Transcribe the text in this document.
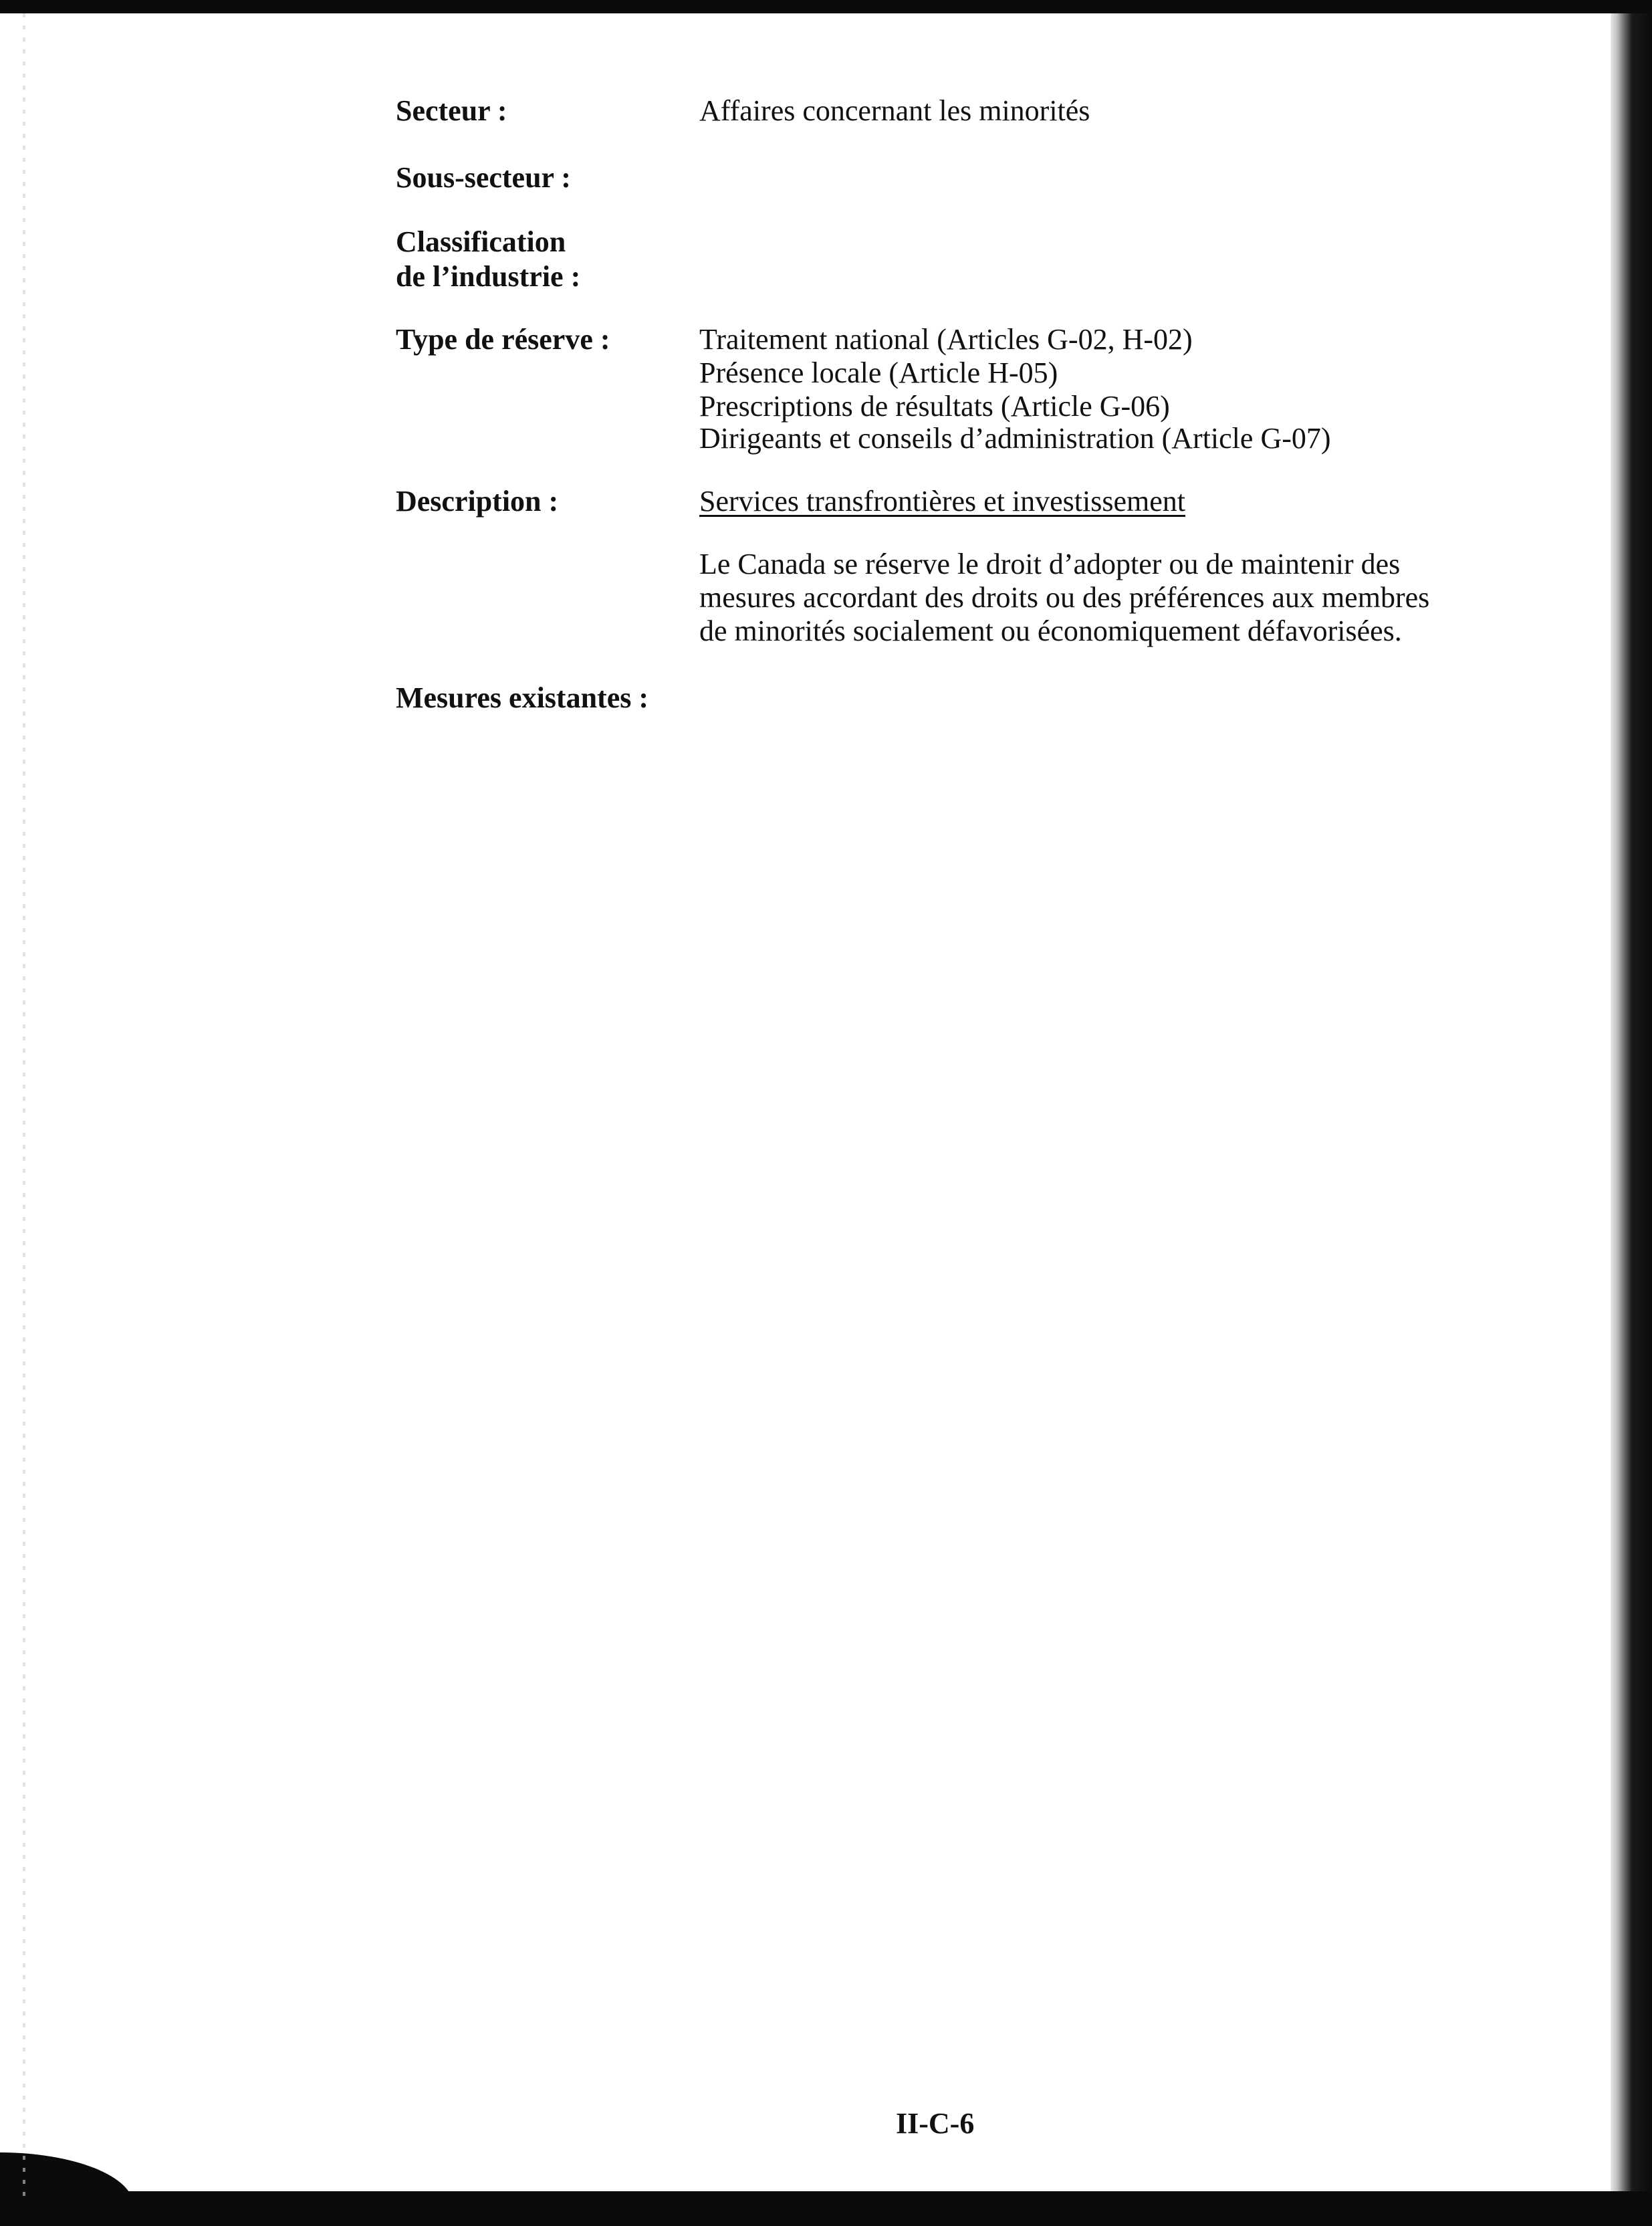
Secteur :	Affaires concernant les minorités
Sous-secteur :
Classification
de l’industrie :
Type de réserve :	Traitement national (Articles G-02, H-02)
Présence locale (Article H-05)
Prescriptions de résultats (Article G-06)
Dirigeants et conseils d’administration (Article G-07)
Description :	Services transfrontières et investissement
Le Canada se réserve le droit d’adopter ou de maintenir des
mesures accordant des droits ou des préférences aux membres
de minorités socialement ou économiquement défavorisées.
Mesures existantes :
II-C-6
